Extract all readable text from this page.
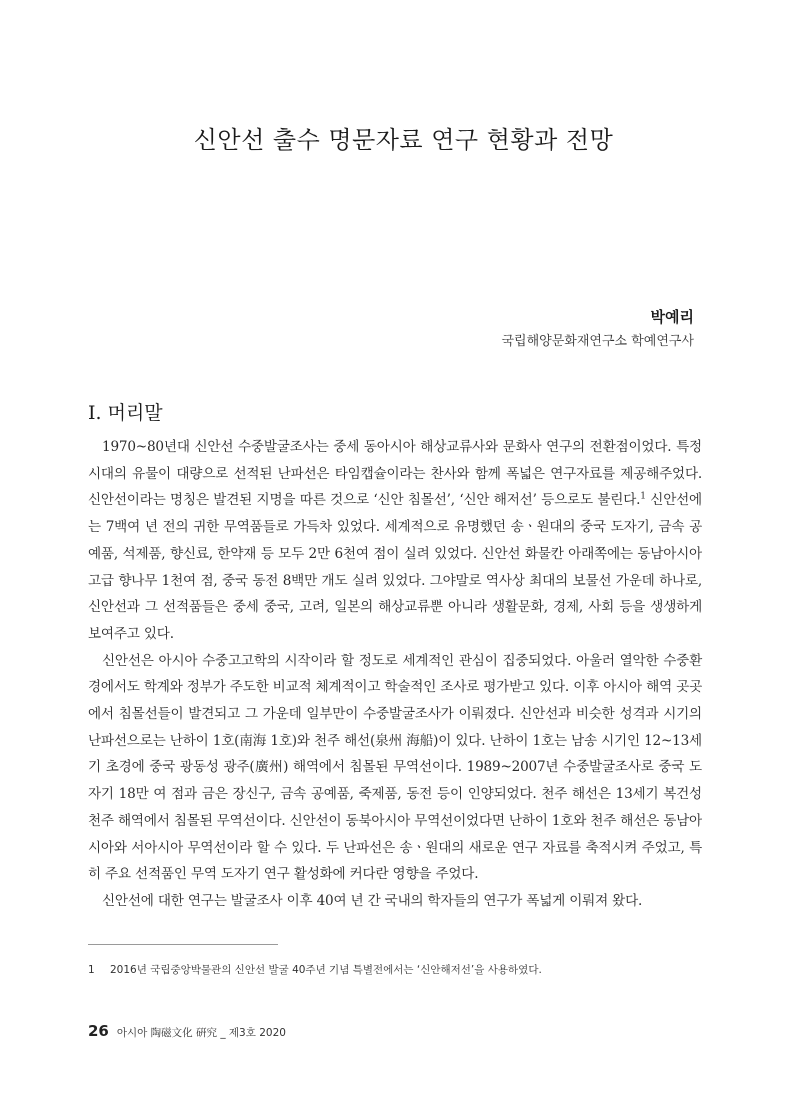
신안선 출수 명문자료 연구 현황과 전망
박예리
국립해양문화재연구소 학예연구사
Ⅰ. 머리말

1970~80년대 신안선 수중발굴조사는 중세 동아시아 해상교류사와 문화사 연구의 전환점이었다. 특정 시대의 유물이 대량으로 선적된 난파선은 타임캡슐이라는 찬사와 함께 폭넓은 연구자료를 제공해주었다. 신안선이라는 명칭은 발견된 지명을 따른 것으로 ‘신안 침몰선’, ‘신안 해저선’ 등으로도 불린다.$^1$ 신안선에는 7백여 년 전의 귀한 무역품들로 가득차 있었다. 세계적으로 유명했던 송ㆍ원대의 중국 도자기, 금속 공예품, 석제품, 향신료, 한약재 등 모두 2만 6천여 점이 실려 있었다. 신안선 화물칸 아래쪽에는 동남아시아 고급 향나무 1천여 점, 중국 동전 8백만 개도 실려 있었다. 그야말로 역사상 최대의 보물선 가운데 하나로, 신안선과 그 선적품들은 중세 중국, 고려, 일본의 해상교류뿐 아니라 생활문화, 경제, 사회 등을 생생하게 보여주고 있다.

신안선은 아시아 수중고고학의 시작이라 할 정도로 세계적인 관심이 집중되었다. 아울러 열악한 수중환경에서도 학계와 정부가 주도한 비교적 체계적이고 학술적인 조사로 평가받고 있다. 이후 아시아 해역 곳곳에서 침몰선들이 발견되고 그 가운데 일부만이 수중발굴조사가 이뤄졌다. 신안선과 비슷한 성격과 시기의 난파선으로는 난하이 1호(南海 1호)와 천주 해선(泉州 海船)이 있다. 난하이 1호는 남송 시기인 12~13세기 초경에 중국 광동성 광주(廣州) 해역에서 침몰된 무역선이다. 1989~2007년 수중발굴조사로 중국 도자기 18만 여 점과 금은 장신구, 금속 공예품, 죽제품, 동전 등이 인양되었다. 천주 해선은 13세기 복건성 천주 해역에서 침몰된 무역선이다. 신안선이 동북아시아 무역선이었다면 난하이 1호와 천주 해선은 동남아시아와 서아시아 무역선이라 할 수 있다. 두 난파선은 송ㆍ원대의 새로운 연구 자료를 축적시켜 주었고, 특히 주요 선적품인 무역 도자기 연구 활성화에 커다란 영향을 주었다.

신안선에 대한 연구는 발굴조사 이후 40여 년 간 국내의 학자들의 연구가 폭넓게 이뤄져 왔다.

1 2016년 국립중앙박물관의 신안선 발굴 40주년 기념 특별전에서는 ‘신안해저선’을 사용하였다.
26 아시아 陶磁文化 硏究 _ 제3호 2020
